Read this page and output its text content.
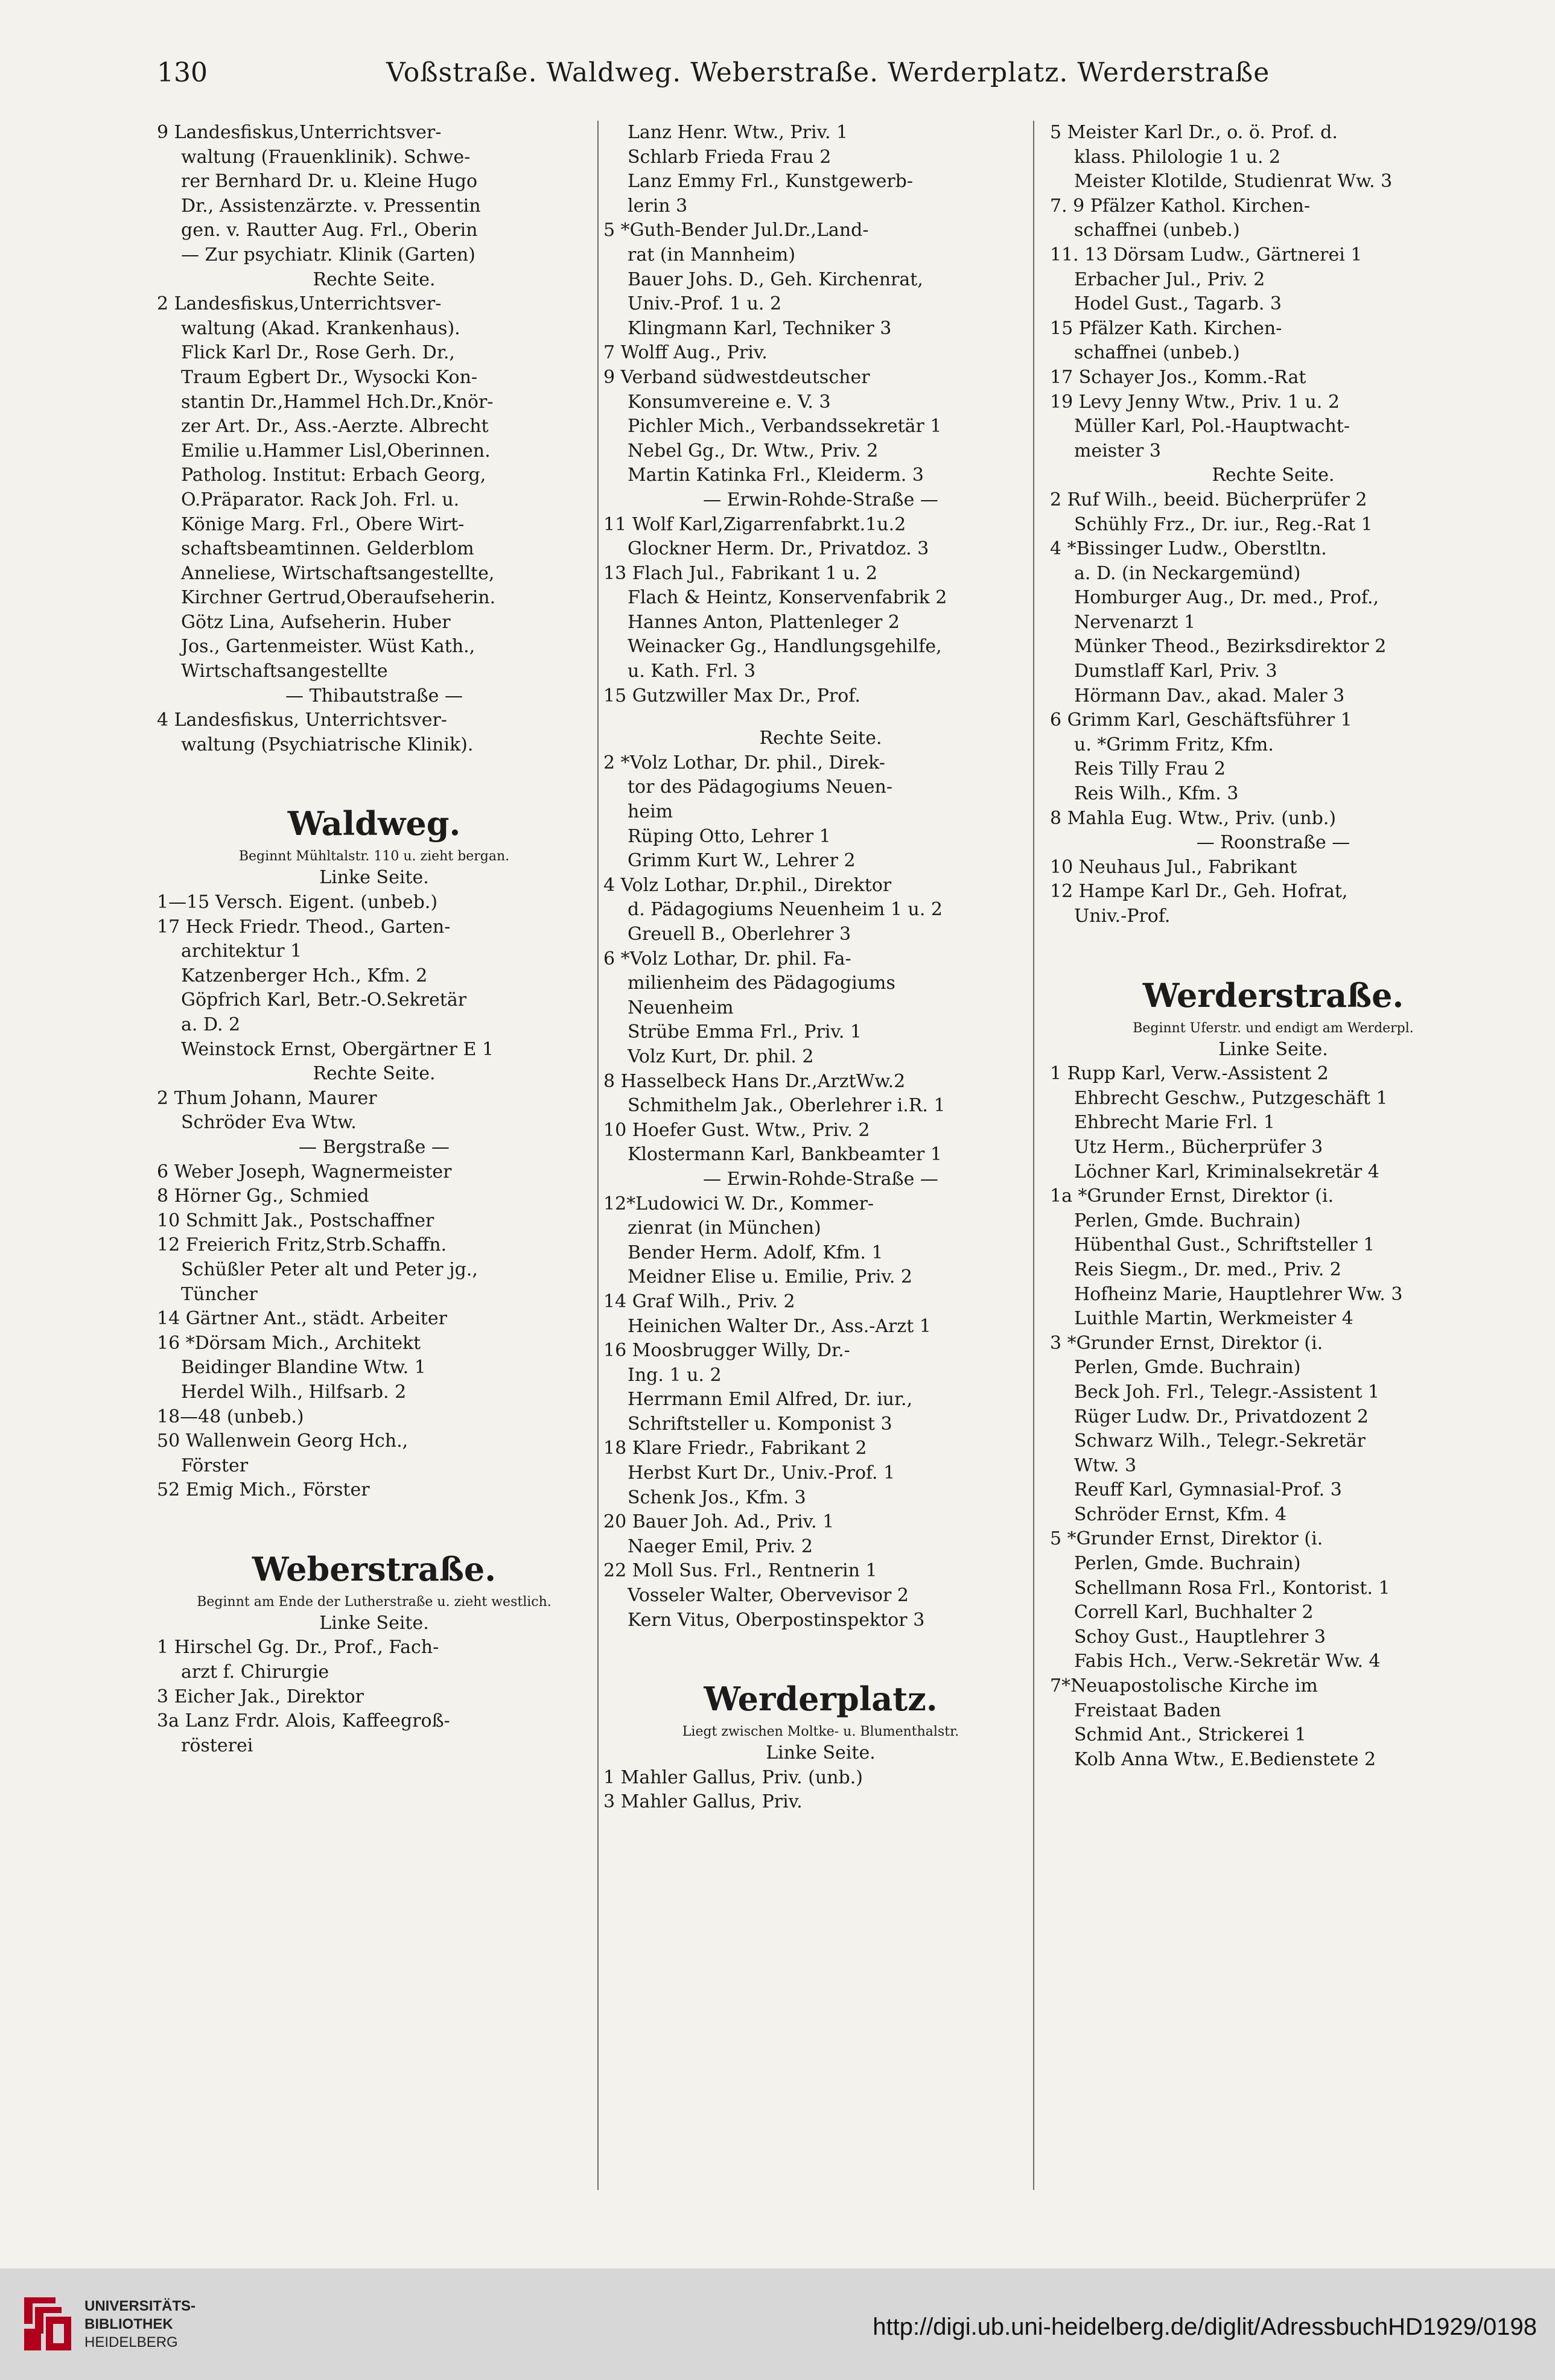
130	Voßstraße. Waldweg. Weberstraße. Werderplatz. Werderstraße
9 Landesfiskus,Unterrichtsver-
waltung (Frauenklinik). Schwe-
rer Bernhard Dr. u. Kleine Hugo
Dr., Assistenzärzte. v. Pressentin
gen. v. Rautter Aug. Frl., Oberin
— Zur psychiatr. Klinik (Garten)
Rechte Seite.
2 Landesfiskus,Unterrichtsver-
waltung (Akad. Krankenhaus).
Flick Karl Dr., Rose Gerh. Dr.,
Traum Egbert Dr., Wysocki Kon-
stantin Dr.,Hammel Hch.Dr.,Knör-
zer Art. Dr., Ass.-Aerzte. Albrecht
Emilie u.Hammer Lisl,Oberinnen.
Patholog. Institut: Erbach Georg,
O.Präparator. Rack Joh. Frl. u.
Könige Marg. Frl., Obere Wirt-
schaftsbeamtinnen. Gelderblom
Anneliese, Wirtschaftsangestellte,
Kirchner Gertrud,Oberaufseherin.
Götz Lina, Aufseherin. Huber
Jos., Gartenmeister. Wüst Kath.,
Wirtschaftsangestellte
— Thibautstraße —
4 Landesfiskus, Unterrichtsver-
waltung (Psychiatrische Klinik).
Waldweg.
Beginnt Mühltalstr. 110 u. zieht bergan.
Linke Seite.
1—15 Versch. Eigent. (unbeb.)
17 Heck Friedr. Theod., Garten-
architektur 1
Katzenberger Hch., Kfm. 2
Göpfrich Karl, Betr.-O.Sekretär
a. D. 2
Weinstock Ernst, Obergärtner E 1
Rechte Seite.
2 Thum Johann, Maurer
Schröder Eva Wtw.
— Bergstraße —
6 Weber Joseph, Wagnermeister
8 Hörner Gg., Schmied
10 Schmitt Jak., Postschaffner
12 Freierich Fritz,Strb.Schaffn.
Schüßler Peter alt und Peter jg.,
Tüncher
14 Gärtner Ant., städt. Arbeiter
16 *Dörsam Mich., Architekt
Beidinger Blandine Wtw. 1
Herdel Wilh., Hilfsarb. 2
18—48 (unbeb.)
50 Wallenwein Georg Hch.,
Förster
52 Emig Mich., Förster
Weberstraße.
Beginnt am Ende der Lutherstraße u. zieht westlich.
Linke Seite.
1 Hirschel Gg. Dr., Prof., Fach-
arzt f. Chirurgie
3 Eicher Jak., Direktor
3a Lanz Frdr. Alois, Kaffeegroß-
rösterei
Lanz Henr. Wtw., Priv. 1
Schlarb Frieda Frau 2
Lanz Emmy Frl., Kunstgewerb-
lerin 3
5 *Guth-Bender Jul.Dr.,Land-
rat (in Mannheim)
Bauer Johs. D., Geh. Kirchenrat,
Univ.-Prof. 1 u. 2
Klingmann Karl, Techniker 3
7 Wolff Aug., Priv.
9 Verband südwestdeutscher
Konsumvereine e. V. 3
Pichler Mich., Verbandssekretär 1
Nebel Gg., Dr. Wtw., Priv. 2
Martin Katinka Frl., Kleiderm. 3
— Erwin-Rohde-Straße —
11 Wolf Karl,Zigarrenfabrkt.1u.2
Glockner Herm. Dr., Privatdoz. 3
13 Flach Jul., Fabrikant 1 u. 2
Flach & Heintz, Konservenfabrik 2
Hannes Anton, Plattenleger 2
Weinacker Gg., Handlungsgehilfe,
u. Kath. Frl. 3
15 Gutzwiller Max Dr., Prof.
Rechte Seite.
2 *Volz Lothar, Dr. phil., Direk-
tor des Pädagogiums Neuen-
heim
Rüping Otto, Lehrer 1
Grimm Kurt W., Lehrer 2
4 Volz Lothar, Dr.phil., Direktor
d. Pädagogiums Neuenheim 1 u. 2
Greuell B., Oberlehrer 3
6 *Volz Lothar, Dr. phil. Fa-
milienheim des Pädagogiums
Neuenheim
Strübe Emma Frl., Priv. 1
Volz Kurt, Dr. phil. 2
8 Hasselbeck Hans Dr.,ArztWw.2
Schmithelm Jak., Oberlehrer i.R. 1
10 Hoefer Gust. Wtw., Priv. 2
Klostermann Karl, Bankbeamter 1
— Erwin-Rohde-Straße —
12*Ludowici W. Dr., Kommer-
zienrat (in München)
Bender Herm. Adolf, Kfm. 1
Meidner Elise u. Emilie, Priv. 2
14 Graf Wilh., Priv. 2
Heinichen Walter Dr., Ass.-Arzt 1
16 Moosbrugger Willy, Dr.-
Ing. 1 u. 2
Herrmann Emil Alfred, Dr. iur.,
Schriftsteller u. Komponist 3
18 Klare Friedr., Fabrikant 2
Herbst Kurt Dr., Univ.-Prof. 1
Schenk Jos., Kfm. 3
20 Bauer Joh. Ad., Priv. 1
Naeger Emil, Priv. 2
22 Moll Sus. Frl., Rentnerin 1
Vosseler Walter, Obervevisor 2
Kern Vitus, Oberpostinspektor 3
Werderplatz.
Liegt zwischen Moltke- u. Blumenthalstr.
Linke Seite.
1 Mahler Gallus, Priv. (unb.)
3 Mahler Gallus, Priv.
5 Meister Karl Dr., o. ö. Prof. d.
klass. Philologie 1 u. 2
Meister Klotilde, Studienrat Ww. 3
7. 9 Pfälzer Kathol. Kirchen-
schaffnei (unbeb.)
11. 13 Dörsam Ludw., Gärtnerei 1
Erbacher Jul., Priv. 2
Hodel Gust., Tagarb. 3
15 Pfälzer Kath. Kirchen-
schaffnei (unbeb.)
17 Schayer Jos., Komm.-Rat
19 Levy Jenny Wtw., Priv. 1 u. 2
Müller Karl, Pol.-Hauptwacht-
meister 3
Rechte Seite.
2 Ruf Wilh., beeid. Bücherprüfer 2
Schühly Frz., Dr. iur., Reg.-Rat 1
4 *Bissinger Ludw., Oberstltn.
a. D. (in Neckargemünd)
Homburger Aug., Dr. med., Prof.,
Nervenarzt 1
Münker Theod., Bezirksdirektor 2
Dumstlaff Karl, Priv. 3
Hörmann Dav., akad. Maler 3
6 Grimm Karl, Geschäftsführer 1
u. *Grimm Fritz, Kfm.
Reis Tilly Frau 2
Reis Wilh., Kfm. 3
8 Mahla Eug. Wtw., Priv. (unb.)
— Roonstraße —
10 Neuhaus Jul., Fabrikant
12 Hampe Karl Dr., Geh. Hofrat,
Univ.-Prof.
Werderstraße.
Beginnt Uferstr. und endigt am Werderpl.
Linke Seite.
1 Rupp Karl, Verw.-Assistent 2
Ehbrecht Geschw., Putzgeschäft 1
Ehbrecht Marie Frl. 1
Utz Herm., Bücherprüfer 3
Löchner Karl, Kriminalsekretär 4
1a *Grunder Ernst, Direktor (i.
Perlen, Gmde. Buchrain)
Hübenthal Gust., Schriftsteller 1
Reis Siegm., Dr. med., Priv. 2
Hofheinz Marie, Hauptlehrer Ww. 3
Luithle Martin, Werkmeister 4
3 *Grunder Ernst, Direktor (i.
Perlen, Gmde. Buchrain)
Beck Joh. Frl., Telegr.-Assistent 1
Rüger Ludw. Dr., Privatdozent 2
Schwarz Wilh., Telegr.-Sekretär
Wtw. 3
Reuff Karl, Gymnasial-Prof. 3
Schröder Ernst, Kfm. 4
5 *Grunder Ernst, Direktor (i.
Perlen, Gmde. Buchrain)
Schellmann Rosa Frl., Kontorist. 1
Correll Karl, Buchhalter 2
Schoy Gust., Hauptlehrer 3
Fabis Hch., Verw.-Sekretär Ww. 4
7*Neuapostolische Kirche im
Freistaat Baden
Schmid Ant., Strickerei 1
Kolb Anna Wtw., E.Bedienstete 2
UNIVERSITÄTS-
BIBLIOTHEK
HEIDELBERG
http://digi.ub.uni-heidelberg.de/diglit/AdressbuchHD1929/0198
